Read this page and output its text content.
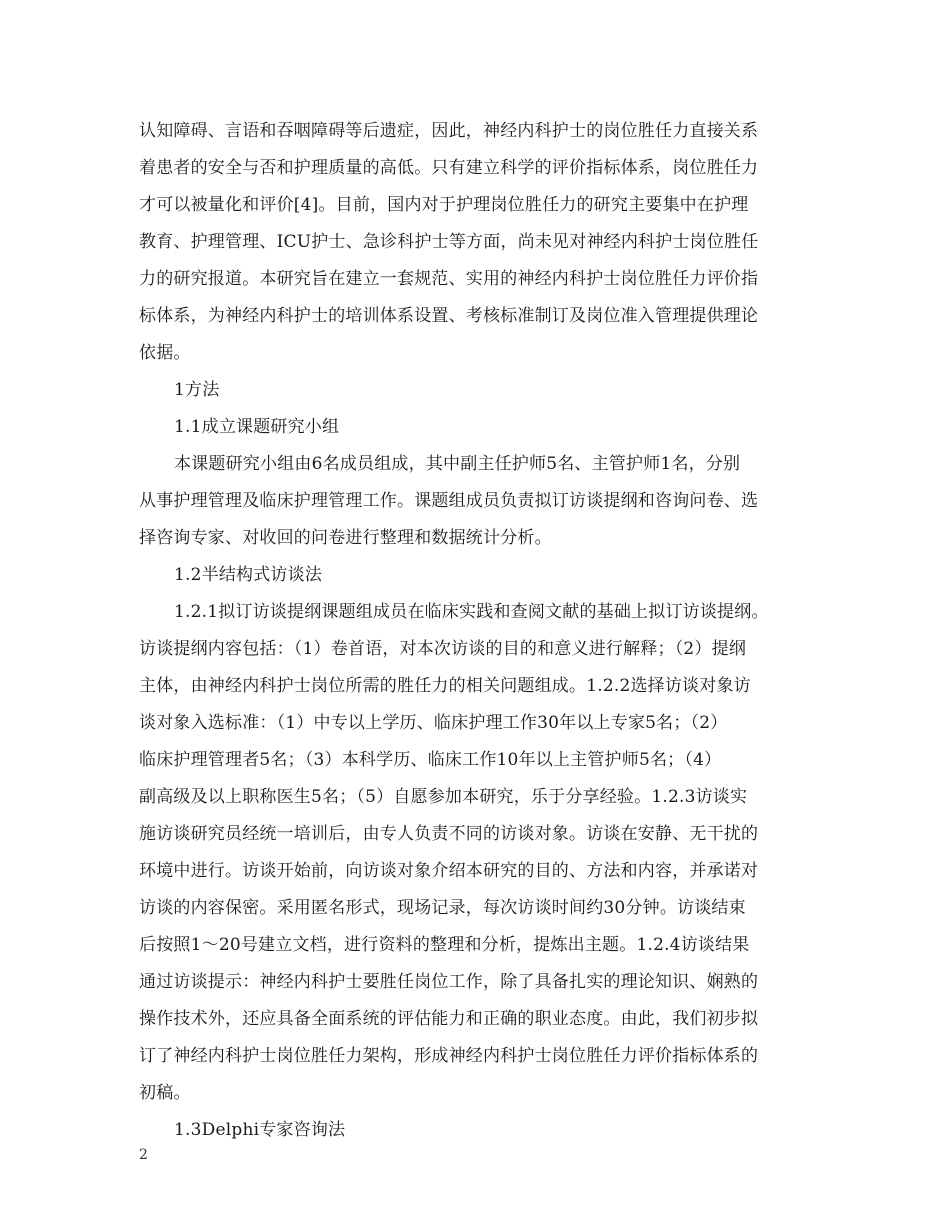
认知障碍、言语和吞咽障碍等后遗症，因此，神经内科护士的岗位胜任力直接关系
着患者的安全与否和护理质量的高低。只有建立科学的评价指标体系，岗位胜任力
才可以被量化和评价[4]。目前，国内对于护理岗位胜任力的研究主要集中在护理
教育、护理管理、ICU护士、急诊科护士等方面，尚未见对神经内科护士岗位胜任
力的研究报道。本研究旨在建立一套规范、实用的神经内科护士岗位胜任力评价指
标体系，为神经内科护士的培训体系设置、考核标准制订及岗位准入管理提供理论
依据。
1方法
1.1成立课题研究小组
本课题研究小组由6名成员组成，其中副主任护师5名、主管护师1名，分别
从事护理管理及临床护理管理工作。课题组成员负责拟订访谈提纲和咨询问卷、选
择咨询专家、对收回的问卷进行整理和数据统计分析。
1.2半结构式访谈法
1.2.1拟订访谈提纲课题组成员在临床实践和查阅文献的基础上拟订访谈提纲。
访谈提纲内容包括：（1）卷首语，对本次访谈的目的和意义进行解释；（2）提纲
主体，由神经内科护士岗位所需的胜任力的相关问题组成。1.2.2选择访谈对象访
谈对象入选标准：（1）中专以上学历、临床护理工作30年以上专家5名；（2）
临床护理管理者5名；（3）本科学历、临床工作10年以上主管护师5名；（4）
副高级及以上职称医生5名；（5）自愿参加本研究，乐于分享经验。1.2.3访谈实
施访谈研究员经统一培训后，由专人负责不同的访谈对象。访谈在安静、无干扰的
环境中进行。访谈开始前，向访谈对象介绍本研究的目的、方法和内容，并承诺对
访谈的内容保密。采用匿名形式，现场记录，每次访谈时间约30分钟。访谈结束
后按照1～20号建立文档，进行资料的整理和分析，提炼出主题。1.2.4访谈结果
通过访谈提示：神经内科护士要胜任岗位工作，除了具备扎实的理论知识、娴熟的
操作技术外，还应具备全面系统的评估能力和正确的职业态度。由此，我们初步拟
订了神经内科护士岗位胜任力架构，形成神经内科护士岗位胜任力评价指标体系的
初稿。
1.3Delphi专家咨询法
2
